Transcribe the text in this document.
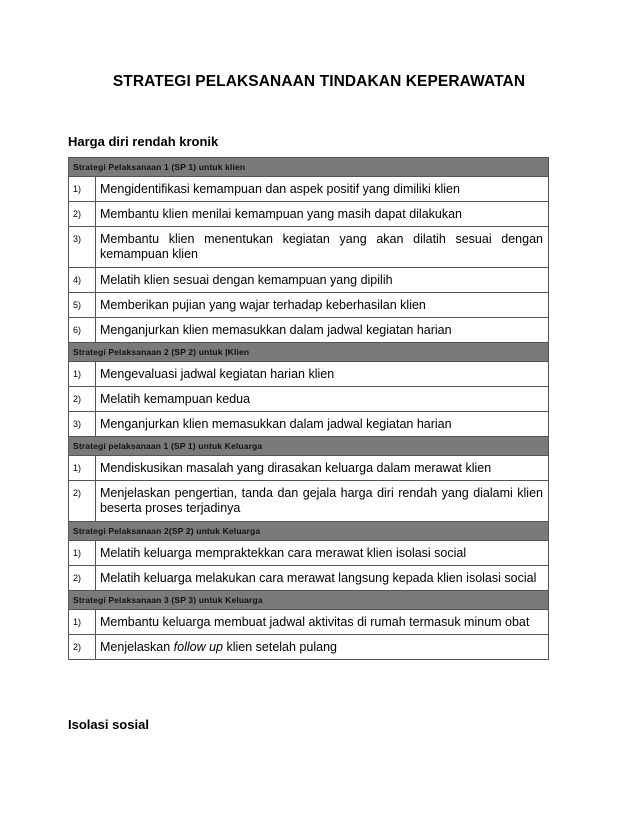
STRATEGI PELAKSANAAN TINDAKAN KEPERAWATAN
Harga diri rendah kronik
Strategi Pelaksanaan 1 (SP 1) untuk klien	
1)	Mengidentifikasi kemampuan dan aspek positif yang dimiliki klien
2)	Membantu klien menilai kemampuan yang masih dapat dilakukan
3)	Membantu klien menentukan kegiatan yang akan dilatih sesuai dengan kemampuan klien
4)	Melatih klien sesuai dengan kemampuan yang dipilih
5)	Memberikan pujian yang wajar terhadap keberhasilan klien
6)	Menganjurkan klien memasukkan dalam jadwal kegiatan harian
Strategi Pelaksanaan 2 (SP 2) untuk |Klien	
1)	Mengevaluasi jadwal kegiatan harian klien
2)	Melatih kemampuan kedua
3)	Menganjurkan klien memasukkan dalam jadwal kegiatan harian
Strategi pelaksanaan 1 (SP 1) untuk Keluarga	
1)	Mendiskusikan masalah yang dirasakan keluarga dalam merawat klien
2)	Menjelaskan pengertian, tanda dan gejala harga diri rendah yang dialami klien beserta proses terjadinya
Strategi Pelaksanaan 2(SP 2) untuk Keluarga	
1)	Melatih keluarga mempraktekkan cara merawat klien isolasi social
2)	Melatih keluarga melakukan cara merawat langsung kepada klien isolasi social
Strategi Pelaksanaan 3 (SP 3) untuk Keluarga	
1)	Membantu keluarga membuat jadwal aktivitas di rumah termasuk minum obat
2)	Menjelaskan follow up klien setelah pulang
Isolasi sosial
